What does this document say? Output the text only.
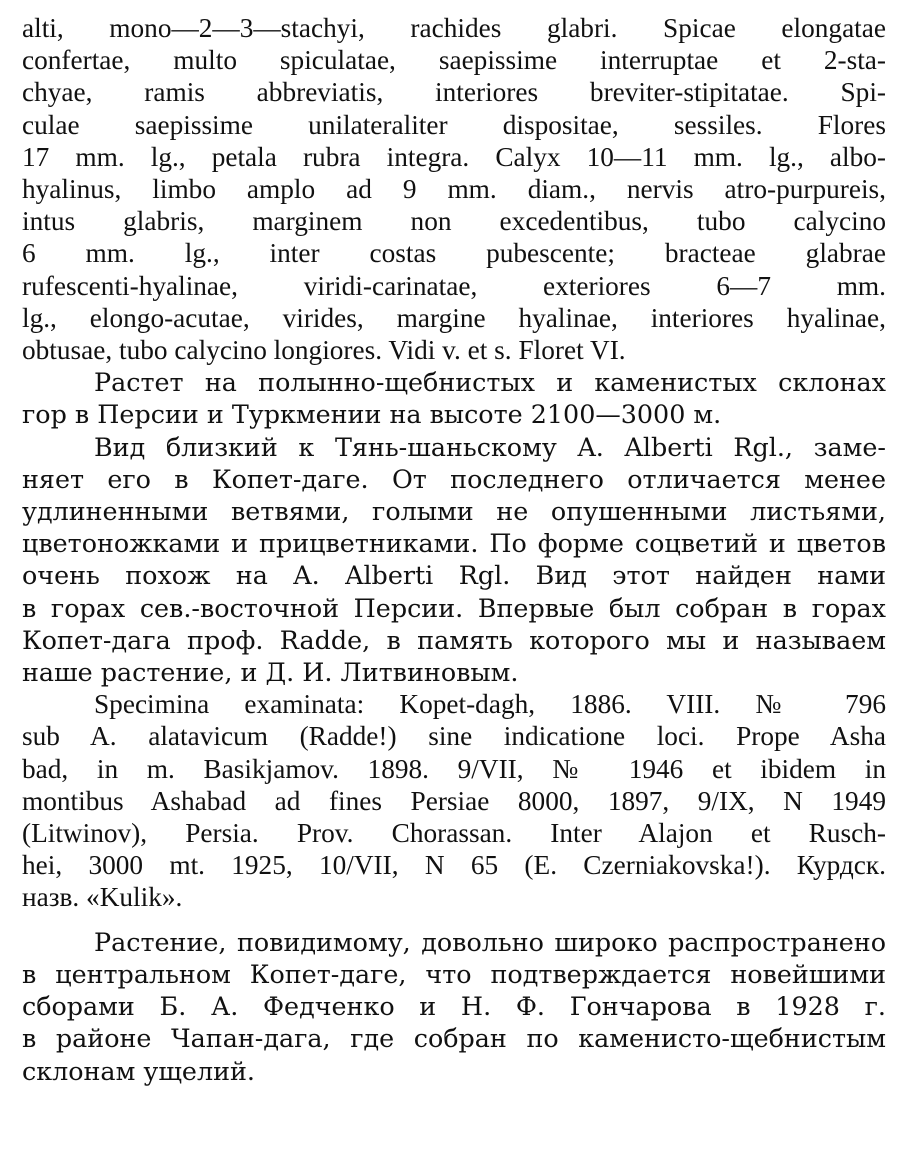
alti, mono—2—3—stachyi, rachides glabri. Spicae elongatae
confertae, multo spiculatae, saepissime interruptae et 2-sta-
chyae, ramis abbreviatis, interiores breviter-stipitatae. Spi-
culae saepissime unilateraliter dispositae, sessiles. Flores
17 mm. lg., petala rubra integra. Calyx 10—11 mm. lg., albo-
hyalinus, limbo amplo ad 9 mm. diam., nervis atro-purpureis,
intus glabris, marginem non excedentibus, tubo calycino
6 mm. lg., inter costas pubescente; bracteae glabrae
rufescenti-hyalinae, viridi-carinatae, exteriores 6—7 mm.
lg., elongo-acutae, virides, margine hyalinae, interiores hyalinae,
obtusae, tubo calycino longiores. Vidi v. et s. Floret VI.
Растет на полынно-щебнистых и каменистых склонах
гор в Персии и Туркмении на высоте 2100—3000 м.
Вид близкий к Тянь-шаньскому A. Alberti Rgl., заме-
няет его в Копет-даге. От последнего отличается менее
удлиненными ветвями, голыми не опушенными листьями,
цветоножками и прицветниками. По форме соцветий и цветов
очень похож на A. Alberti Rgl. Вид этот найден нами
в горах сев.-восточной Персии. Впервые был собран в горах
Копет-дага проф. Radde, в память которого мы и называем
наше растение, и Д. И. Литвиновым.
Specimina examinata: Kopet-dagh, 1886. VIII. № 796
sub A. alatavicum (Radde!) sine indicatione loci. Prope Asha
bad, in m. Basikjamov. 1898. 9/VII, № 1946 et ibidem in
montibus Ashabad ad fines Persiae 8000, 1897, 9/IX, N 1949
(Litwinov), Persia. Prov. Chorassan. Inter Alajon et Rusch-
hei, 3000 mt. 1925, 10/VII, N 65 (E. Czerniakovska!). Курдск.
назв. «Kulik».
Растение, повидимому, довольно широко распространено
в центральном Копет-даге, что подтверждается новейшими
сборами Б. А. Федченко и Н. Ф. Гончарова в 1928 г.
в районе Чапан-дага, где собран по каменисто-щебнистым
склонам ущелий.
